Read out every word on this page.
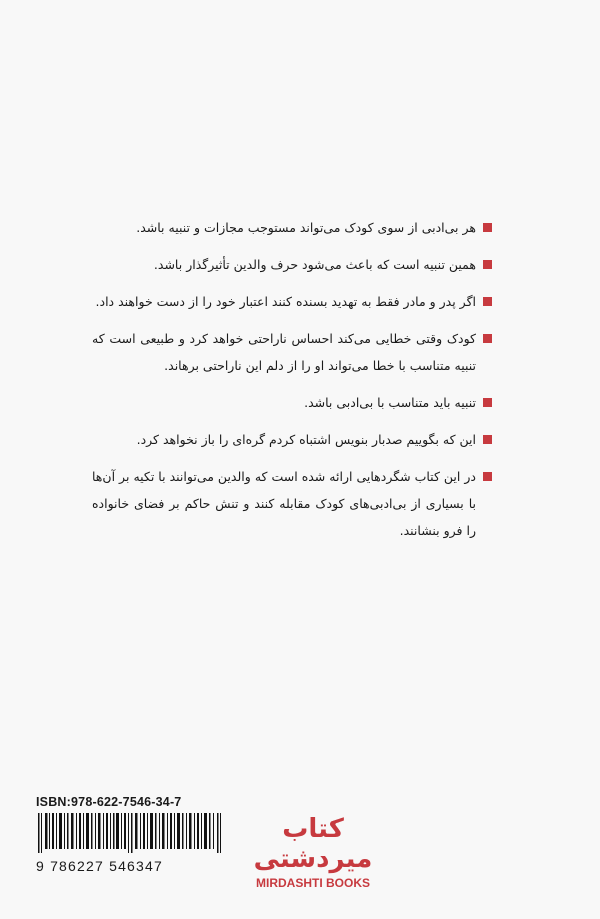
هر بی‌ادبی از سوی کودک می‌تواند مستوجب مجازات و تنبیه باشد.
همین تنبیه است که باعث می‌شود حرف والدین تأثیرگذار باشد.
اگر پدر و مادر فقط به تهدید بسنده کنند اعتبار خود را از دست خواهند داد.
کودک وقتی خطایی می‌کند احساس ناراحتی خواهد کرد و طبیعی است که تنبیه متناسب با خطا می‌تواند او را از دلم این ناراحتی برهاند.
تنبیه باید متناسب با بی‌ادبی باشد.
این که بگوییم صدبار بنویس اشتباه کردم گره‌ای را باز نخواهد کرد.
در این کتاب شگردهایی ارائه شده است که والدین می‌توانند با تکیه بر آن‌ها با بسیاری از بی‌ادبی‌های کودک مقابله کنند و تنش حاکم بر فضای خانواده را فرو بنشانند.
ISBN:978-622-7546-34-7
9 786227 546347
کتاب میردشتی
MIRDASHTI BOOKS
